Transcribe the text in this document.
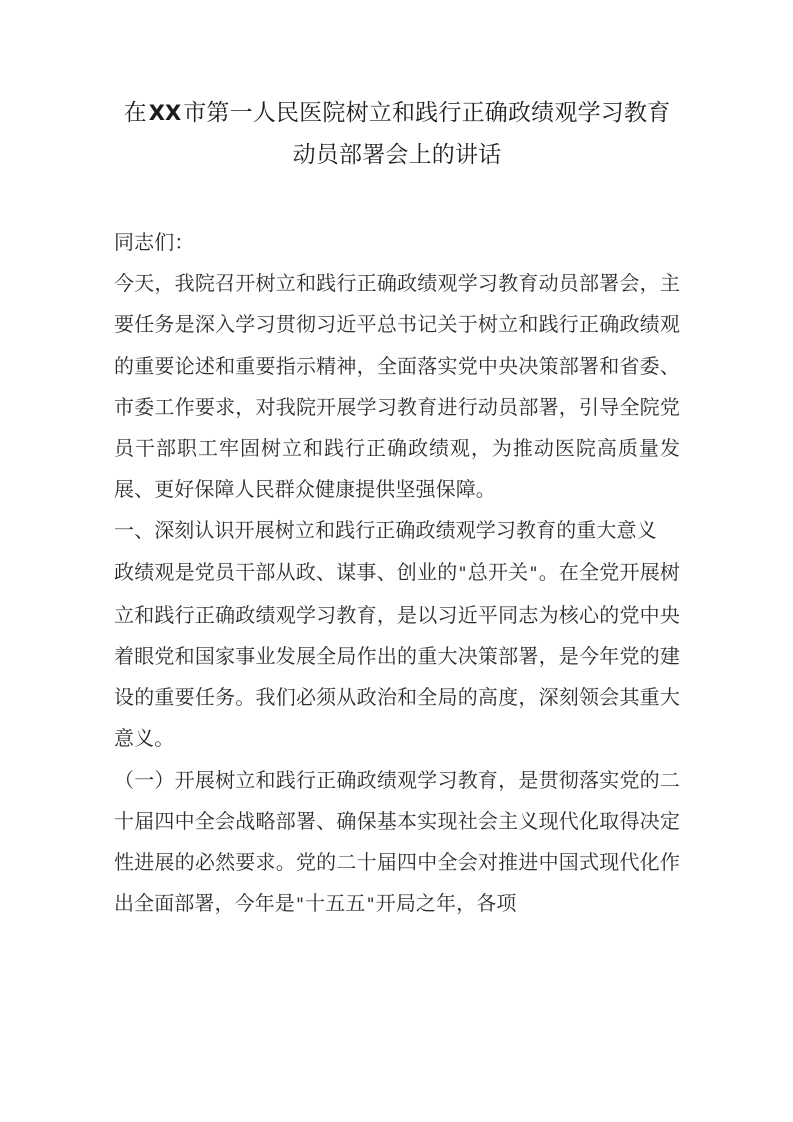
在XX市第一人民医院树立和践行正确政绩观学习教育动员部署会上的讲话

同志们：

今天，我院召开树立和践行正确政绩观学习教育动员部署会，主要任务是深入学习贯彻习近平总书记关于树立和践行正确政绩观的重要论述和重要指示精神，全面落实党中央决策部署和省委、市委工作要求，对我院开展学习教育进行动员部署，引导全院党员干部职工牢固树立和践行正确政绩观，为推动医院高质量发展、更好保障人民群众健康提供坚强保障。

一、深刻认识开展树立和践行正确政绩观学习教育的重大意义

政绩观是党员干部从政、谋事、创业的"总开关"。在全党开展树立和践行正确政绩观学习教育，是以习近平同志为核心的党中央着眼党和国家事业发展全局作出的重大决策部署，是今年党的建设的重要任务。我们必须从政治和全局的高度，深刻领会其重大意义。

（一）开展树立和践行正确政绩观学习教育，是贯彻落实党的二十届四中全会战略部署、确保基本实现社会主义现代化取得决定性进展的必然要求。党的二十届四中全会对推进中国式现代化作出全面部署，今年是"十五五"开局之年，各项
